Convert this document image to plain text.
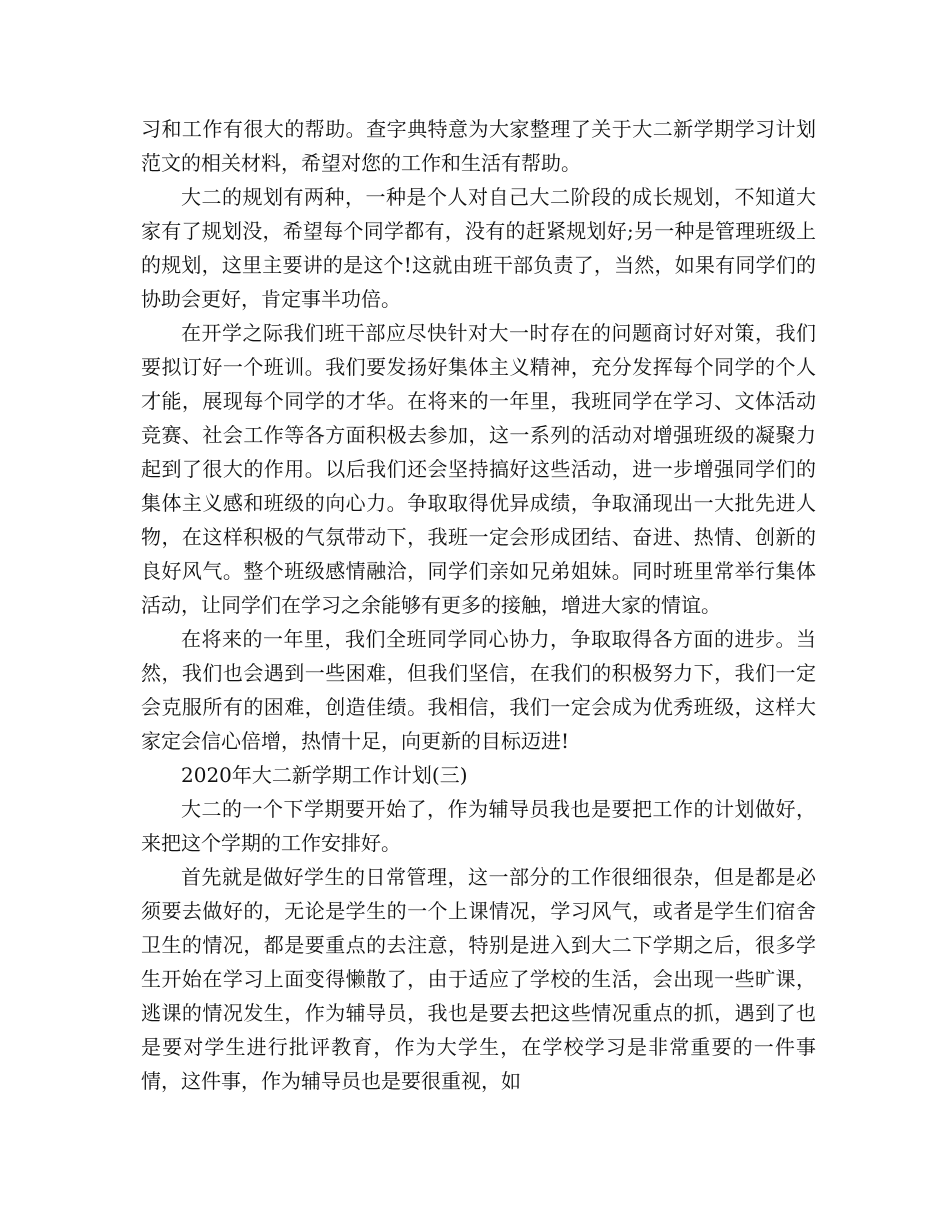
习和工作有很大的帮助。查字典特意为大家整理了关于大二新学期学习计划范文的相关材料，希望对您的工作和生活有帮助。

大二的规划有两种，一种是个人对自己大二阶段的成长规划，不知道大家有了规划没，希望每个同学都有，没有的赶紧规划好;另一种是管理班级上的规划，这里主要讲的是这个!这就由班干部负责了，当然，如果有同学们的协助会更好，肯定事半功倍。

在开学之际我们班干部应尽快针对大一时存在的问题商讨好对策，我们要拟订好一个班训。我们要发扬好集体主义精神，充分发挥每个同学的个人才能，展现每个同学的才华。在将来的一年里，我班同学在学习、文体活动竞赛、社会工作等各方面积极去参加，这一系列的活动对增强班级的凝聚力起到了很大的作用。以后我们还会坚持搞好这些活动，进一步增强同学们的集体主义感和班级的向心力。争取取得优异成绩，争取涌现出一大批先进人物，在这样积极的气氛带动下，我班一定会形成团结、奋进、热情、创新的良好风气。整个班级感情融洽，同学们亲如兄弟姐妹。同时班里常举行集体活动，让同学们在学习之余能够有更多的接触，增进大家的情谊。

在将来的一年里，我们全班同学同心协力，争取取得各方面的进步。当然，我们也会遇到一些困难，但我们坚信，在我们的积极努力下，我们一定会克服所有的困难，创造佳绩。我相信，我们一定会成为优秀班级，这样大家定会信心倍增，热情十足，向更新的目标迈进!

2020年大二新学期工作计划(三)

大二的一个下学期要开始了，作为辅导员我也是要把工作的计划做好，来把这个学期的工作安排好。

首先就是做好学生的日常管理，这一部分的工作很细很杂，但是都是必须要去做好的，无论是学生的一个上课情况，学习风气，或者是学生们宿舍卫生的情况，都是要重点的去注意，特别是进入到大二下学期之后，很多学生开始在学习上面变得懒散了，由于适应了学校的生活，会出现一些旷课，逃课的情况发生，作为辅导员，我也是要去把这些情况重点的抓，遇到了也是要对学生进行批评教育，作为大学生，在学校学习是非常重要的一件事情，这件事，作为辅导员也是要很重视，如
